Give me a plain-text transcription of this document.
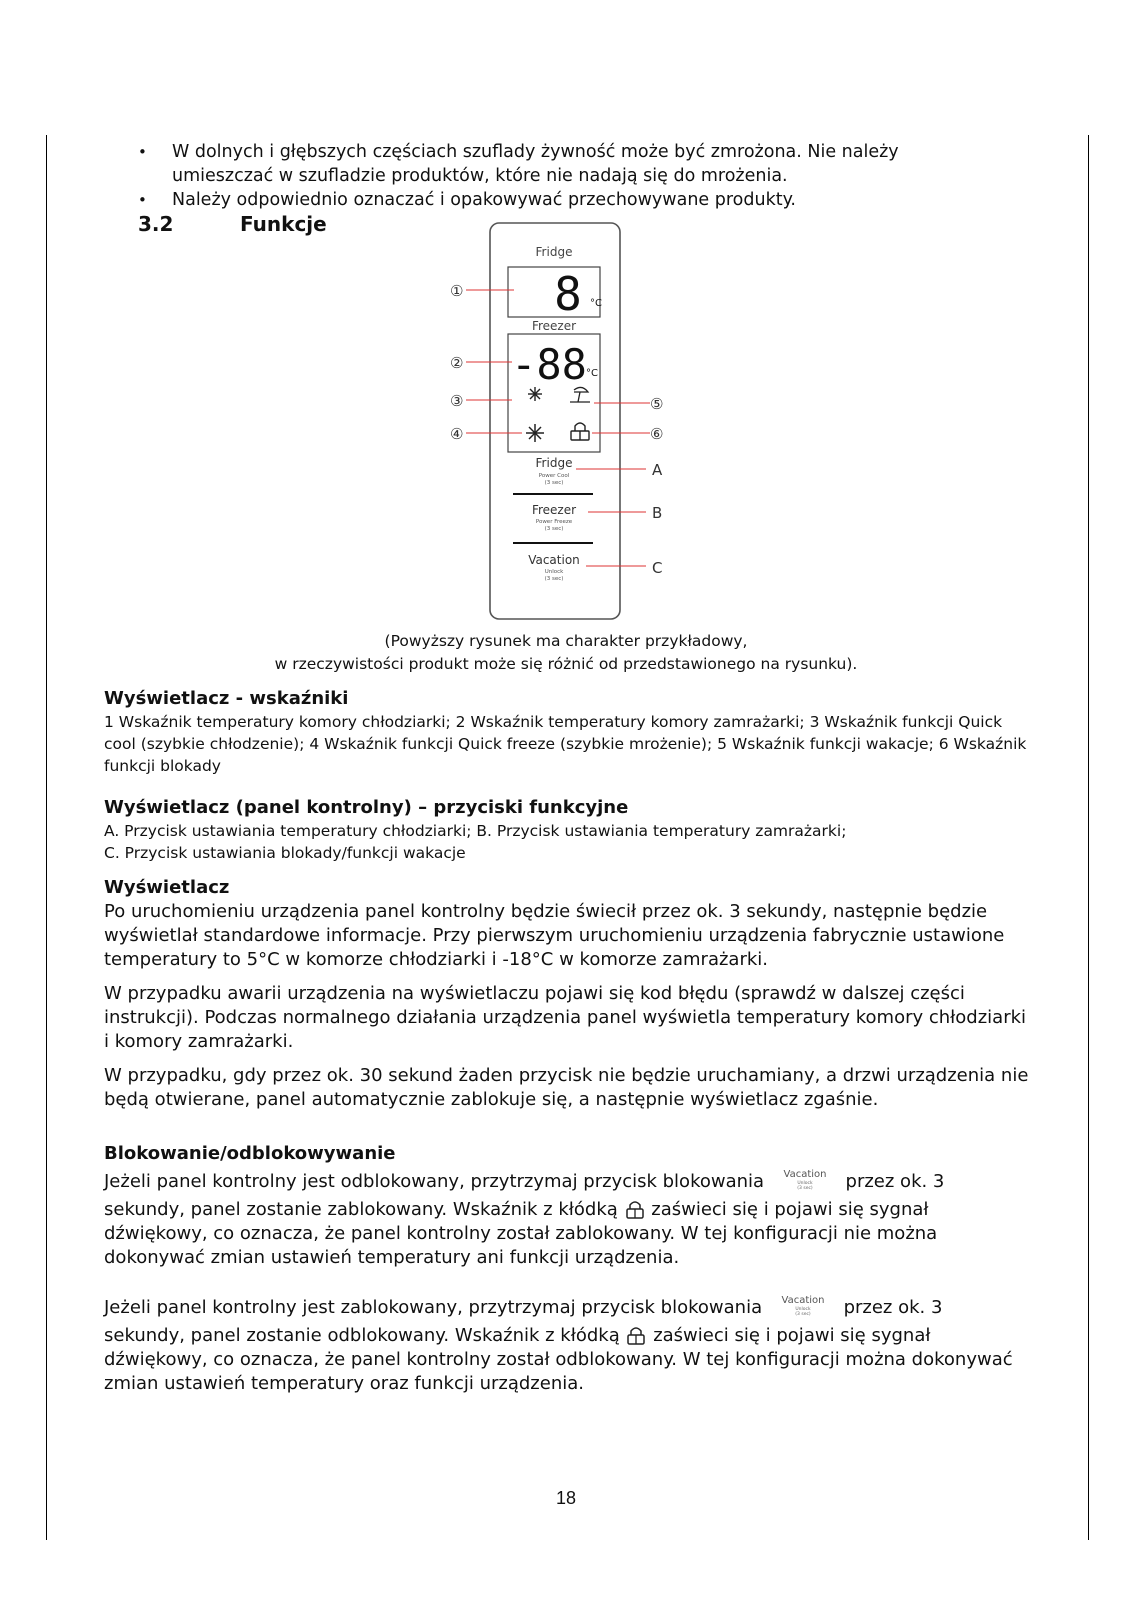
• W dolnych i głębszych częściach szuflady żywność może być zmrożona. Nie należy umieszczać w szufladzie produktów, które nie nadają się do mrożenia.
• Należy odpowiednio oznaczać i opakowywać przechowywane produkty.
3.2	Funkcje
Fridge
8 °C
Freezer
-88 °C
①
②
③
④
⑤
⑥
Fridge
Power Cool
(3 sec)
A
Freezer
Power Freeze
(3 sec)
B
Vacation
Unlock
(3 sec)
C
(Powyższy rysunek ma charakter przykładowy,
w rzeczywistości produkt może się różnić od przedstawionego na rysunku).
Wyświetlacz - wskaźniki
1 Wskaźnik temperatury komory chłodziarki; 2 Wskaźnik temperatury komory zamrażarki; 3 Wskaźnik funkcji Quick cool (szybkie chłodzenie); 4 Wskaźnik funkcji Quick freeze (szybkie mrożenie); 5 Wskaźnik funkcji wakacje; 6 Wskaźnik funkcji blokady
Wyświetlacz (panel kontrolny) – przyciski funkcyjne
A. Przycisk ustawiania temperatury chłodziarki; B. Przycisk ustawiania temperatury zamrażarki;
C. Przycisk ustawiania blokady/funkcji wakacje
Wyświetlacz

Po uruchomieniu urządzenia panel kontrolny będzie świecił przez ok. 3 sekundy, następnie będzie wyświetlał standardowe informacje. Przy pierwszym uruchomieniu urządzenia fabrycznie ustawione temperatury to 5°C w komorze chłodziarki i -18°C w komorze zamrażarki.

W przypadku awarii urządzenia na wyświetlaczu pojawi się kod błędu (sprawdź w dalszej części instrukcji). Podczas normalnego działania urządzenia panel wyświetla temperatury komory chłodziarki i komory zamrażarki.

W przypadku, gdy przez ok. 30 sekund żaden przycisk nie będzie uruchamiany, a drzwi urządzenia nie będą otwierane, panel automatycznie zablokuje się, a następnie wyświetlacz zgaśnie.

Blokowanie/odblokowywanie
Jeżeli panel kontrolny jest odblokowany, przytrzymaj przycisk blokowania Vacation
Unlock
(3 sec) przez ok. 3
sekundy, panel zostanie zablokowany. Wskaźnik z kłódką zaświeci się i pojawi się sygnał
dźwiękowy, co oznacza, że panel kontrolny został zablokowany. W tej konfiguracji nie można dokonywać zmian ustawień temperatury ani funkcji urządzenia.
Jeżeli panel kontrolny jest zablokowany, przytrzymaj przycisk blokowania Vacation
Unlock
(3 sec) przez ok. 3
sekundy, panel zostanie odblokowany. Wskaźnik z kłódką zaświeci się i pojawi się sygnał
dźwiękowy, co oznacza, że panel kontrolny został odblokowany. W tej konfiguracji można dokonywać zmian ustawień temperatury oraz funkcji urządzenia.
18
